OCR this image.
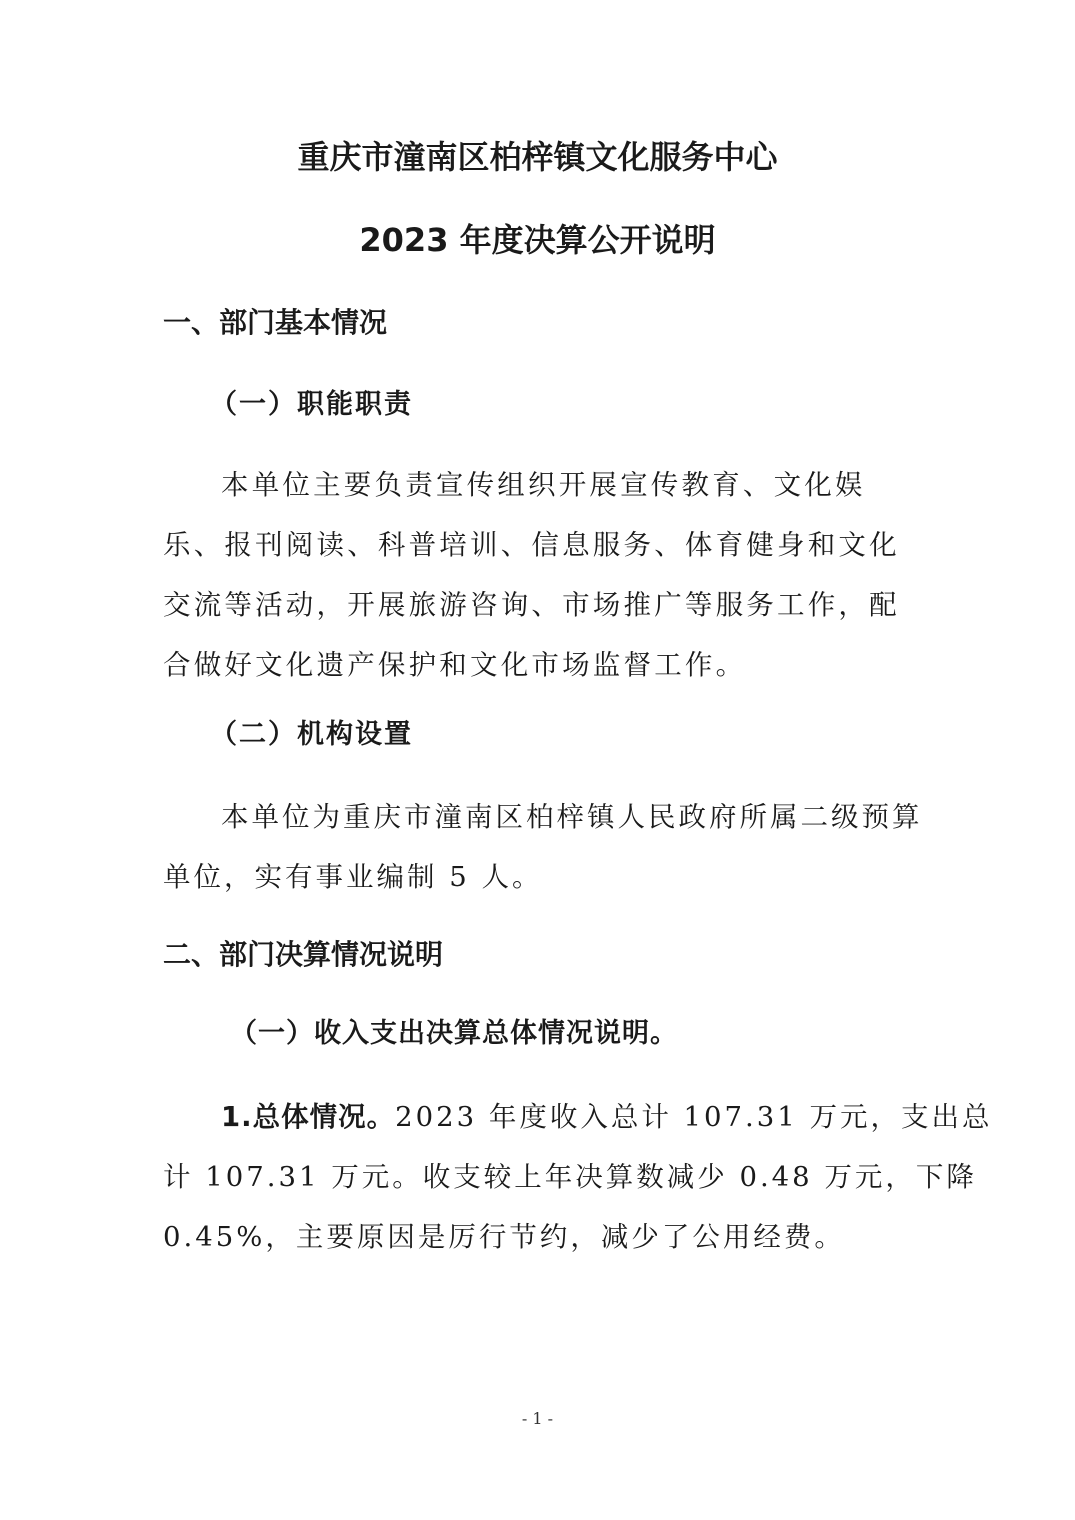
重庆市潼南区柏梓镇文化服务中心
2023 年度决算公开说明
一、部门基本情况
（一）职能职责
本单位主要负责宣传组织开展宣传教育、文化娱乐、报刊阅读、科普培训、信息服务、体育健身和文化交流等活动，开展旅游咨询、市场推广等服务工作，配合做好文化遗产保护和文化市场监督工作。
（二）机构设置
本单位为重庆市潼南区柏梓镇人民政府所属二级预算
单位，实有事业编制 5 人。
二、部门决算情况说明
（一）收入支出决算总体情况说明。
1.总体情况。2023 年度收入总计 107.31 万元，支出总
计 107.31 万元。收支较上年决算数减少 0.48 万元，下降
0.45%，主要原因是厉行节约，减少了公用经费。
- 1 -
